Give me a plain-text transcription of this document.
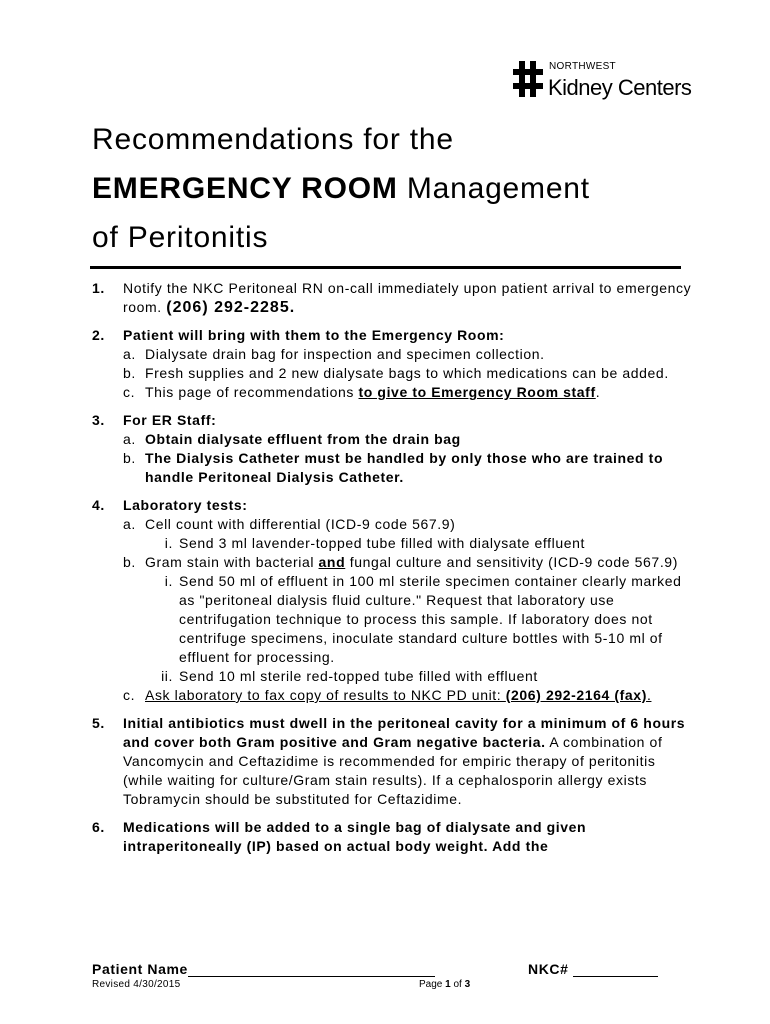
NORTHWEST
Kidney Centers
Recommendations for the
EMERGENCY ROOM Management
of Peritonitis
1. Notify the NKC Peritoneal RN on-call immediately upon patient arrival to emergency room. (206) 292-2285.
2. Patient will bring with them to the Emergency Room:
a. Dialysate drain bag for inspection and specimen collection.
b. Fresh supplies and 2 new dialysate bags to which medications can be added.
c. This page of recommendations to give to Emergency Room staff.
3. For ER Staff:
a. Obtain dialysate effluent from the drain bag
b. The Dialysis Catheter must be handled by only those who are trained to handle Peritoneal Dialysis Catheter.
4. Laboratory tests:
a. Cell count with differential (ICD-9 code 567.9)
i. Send 3 ml lavender-topped tube filled with dialysate effluent
b. Gram stain with bacterial and fungal culture and sensitivity (ICD-9 code 567.9)
i. Send 50 ml of effluent in 100 ml sterile specimen container clearly marked as "peritoneal dialysis fluid culture." Request that laboratory use centrifugation technique to process this sample. If laboratory does not centrifuge specimens, inoculate standard culture bottles with 5-10 ml of effluent for processing.
ii. Send 10 ml sterile red-topped tube filled with effluent
c. Ask laboratory to fax copy of results to NKC PD unit: (206) 292-2164 (fax).
5. Initial antibiotics must dwell in the peritoneal cavity for a minimum of 6 hours and cover both Gram positive and Gram negative bacteria. A combination of Vancomycin and Ceftazidime is recommended for empiric therapy of peritonitis (while waiting for culture/Gram stain results). If a cephalosporin allergy exists Tobramycin should be substituted for Ceftazidime.
6. Medications will be added to a single bag of dialysate and given intraperitoneally (IP) based on actual body weight. Add the
Patient Name	NKC#
Revised 4/30/2015	Page 1 of 3
